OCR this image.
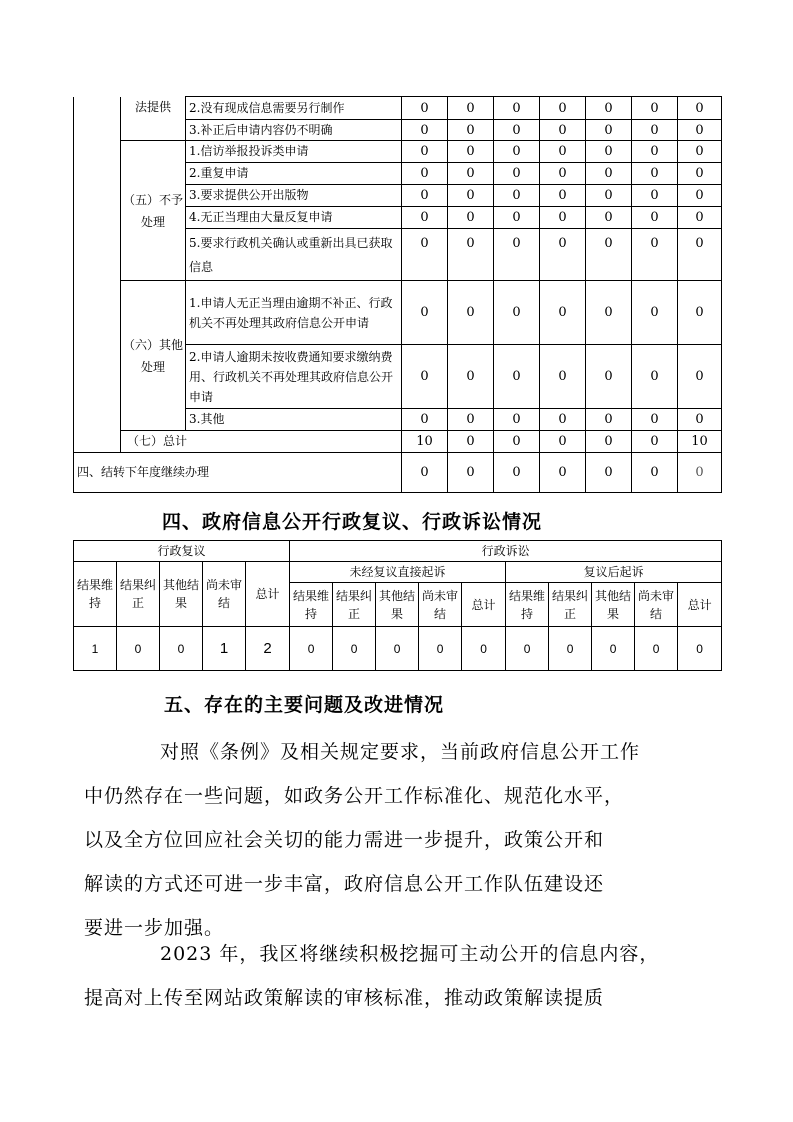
	法提供	2.没有现成信息需要另行制作	0	0	0	0	0	0	0
		3.补正后申请内容仍不明确	0	0	0	0	0	0	0
	（五）不予处理	1.信访举报投诉类申请	0	0	0	0	0	0	0
		2.重复申请	0	0	0	0	0	0	0
		3.要求提供公开出版物	0	0	0	0	0	0	0
		4.无正当理由大量反复申请	0	0	0	0	0	0	0
		5.要求行政机关确认或重新出具已获取信息	0	0	0	0	0	0	0
	（六）其他处理	1.申请人无正当理由逾期不补正、行政机关不再处理其政府信息公开申请	0	0	0	0	0	0	0
		2.申请人逾期未按收费通知要求缴纳费用、行政机关不再处理其政府信息公开申请	0	0	0	0	0	0	0
		3.其他	0	0	0	0	0	0	0
	（七）总计		10	0	0	0	0	0	10
四、结转下年度继续办理			0	0	0	0	0	0	0
四、政府信息公开行政复议、行政诉讼情况
行政复议					行政诉讼									
结果维持	结果纠正	其他结果	尚未审结	总计	未经复议直接起诉					复议后起诉				
					结果维持	结果纠正	其他结果	尚未审结	总计	结果维持	结果纠正	其他结果	尚未审结	总计
1	0	0	1	2	0	0	0	0	0	0	0	0	0	0
五、存在的主要问题及改进情况
对照《条例》及相关规定要求，当前政府信息公开工作
中仍然存在一些问题，如政务公开工作标准化、规范化水平，
以及全方位回应社会关切的能力需进一步提升，政策公开和
解读的方式还可进一步丰富，政府信息公开工作队伍建设还
要进一步加强。
2023 年，我区将继续积极挖掘可主动公开的信息内容，
提高对上传至网站政策解读的审核标准，推动政策解读提质
